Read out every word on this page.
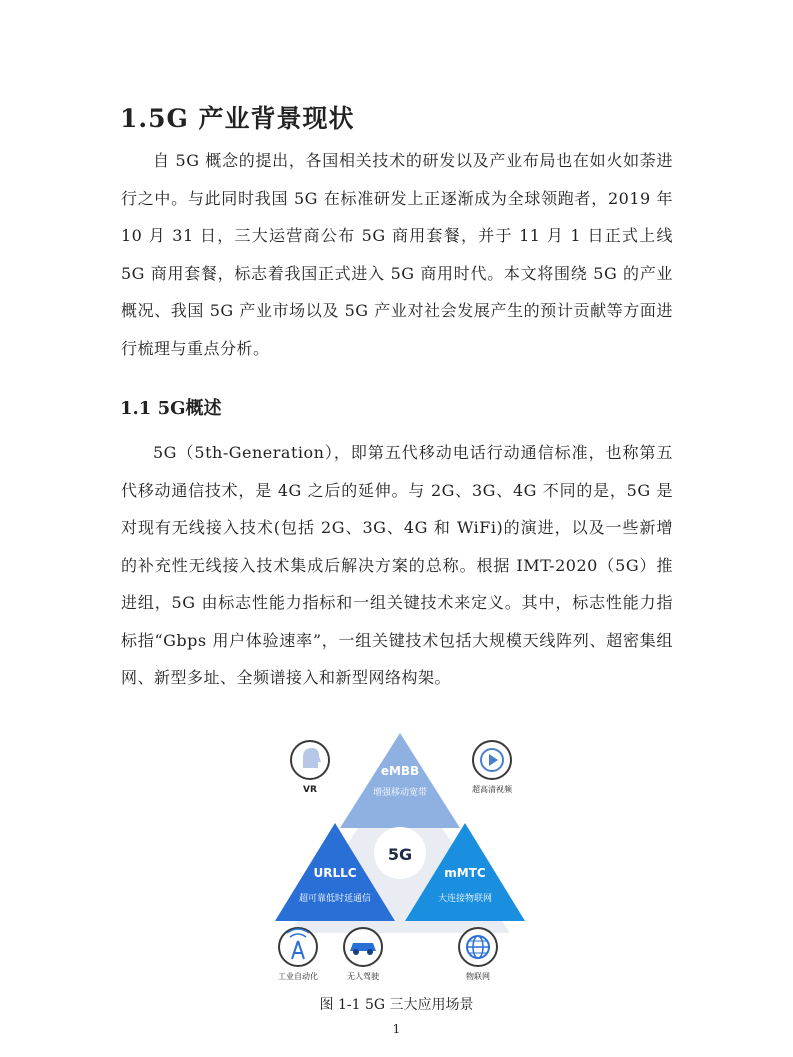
1.5G 产业背景现状
自 5G 概念的提出，各国相关技术的研发以及产业布局也在如火如荼进行之中。与此同时我国 5G 在标准研发上正逐渐成为全球领跑者，2019 年 10 月 31 日，三大运营商公布 5G 商用套餐，并于 11 月 1 日正式上线 5G 商用套餐，标志着我国正式进入 5G 商用时代。本文将围绕 5G 的产业概况、我国 5G 产业市场以及 5G 产业对社会发展产生的预计贡献等方面进行梳理与重点分析。
1.1 5G概述
5G（5th-Generation），即第五代移动电话行动通信标准，也称第五代移动通信技术，是 4G 之后的延伸。与 2G、3G、4G 不同的是，5G 是对现有无线接入技术(包括 2G、3G、4G 和 WiFi)的演进，以及一些新增的补充性无线接入技术集成后解决方案的总称。根据 IMT-2020（5G）推进组，5G 由标志性能力指标和一组关键技术来定义。其中，标志性能力指标指“Gbps 用户体验速率”，一组关键技术包括大规模天线阵列、超密集组网、新型多址、全频谱接入和新型网络构架。
eMBB
增强移动宽带
URLLC
超可靠低时延通信
mMTC
大连接物联网
5G
VR	超高清视频
工业自动化	无人驾驶	物联网
图 1-1 5G 三大应用场景
1
